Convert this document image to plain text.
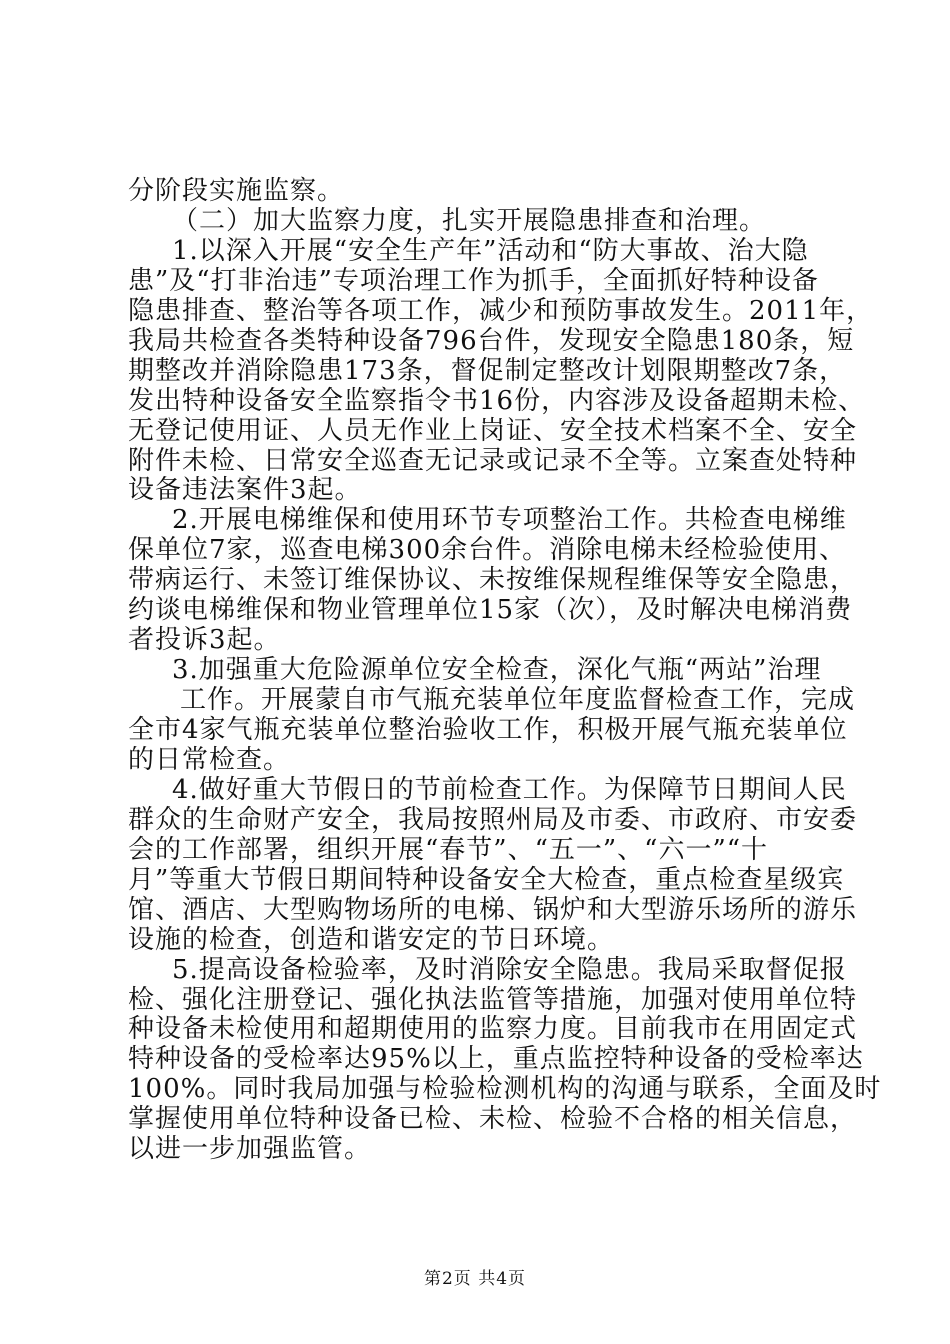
分阶段实施监察。
（二）加大监察力度，扎实开展隐患排查和治理。
1.以深入开展“安全生产年”活动和“防大事故、治大隐
患”及“打非治违”专项治理工作为抓手，全面抓好特种设备
隐患排查、整治等各项工作，减少和预防事故发生。2011年，
我局共检查各类特种设备796台件，发现安全隐患180条，短
期整改并消除隐患173条，督促制定整改计划限期整改7条，
发出特种设备安全监察指令书16份，内容涉及设备超期未检、
无登记使用证、人员无作业上岗证、安全技术档案不全、安全
附件未检、日常安全巡查无记录或记录不全等。立案查处特种
设备违法案件3起。
2.开展电梯维保和使用环节专项整治工作。共检查电梯维
保单位7家，巡查电梯300余台件。消除电梯未经检验使用、
带病运行、未签订维保协议、未按维保规程维保等安全隐患，
约谈电梯维保和物业管理单位15家（次），及时解决电梯消费
者投诉3起。
3.加强重大危险源单位安全检查，深化气瓶“两站”治理
工作。开展蒙自市气瓶充装单位年度监督检查工作，完成
全市4家气瓶充装单位整治验收工作，积极开展气瓶充装单位
的日常检查。
4.做好重大节假日的节前检查工作。为保障节日期间人民
群众的生命财产安全，我局按照州局及市委、市政府、市安委
会的工作部署，组织开展“春节”、“五一”、“六一”“十
月”等重大节假日期间特种设备安全大检查，重点检查星级宾
馆、酒店、大型购物场所的电梯、锅炉和大型游乐场所的游乐
设施的检查，创造和谐安定的节日环境。
5.提高设备检验率，及时消除安全隐患。我局采取督促报
检、强化注册登记、强化执法监管等措施，加强对使用单位特
种设备未检使用和超期使用的监察力度。目前我市在用固定式
特种设备的受检率达95%以上，重点监控特种设备的受检率达
100%。同时我局加强与检验检测机构的沟通与联系，全面及时
掌握使用单位特种设备已检、未检、检验不合格的相关信息，
以进一步加强监管。
第2页 共4页
